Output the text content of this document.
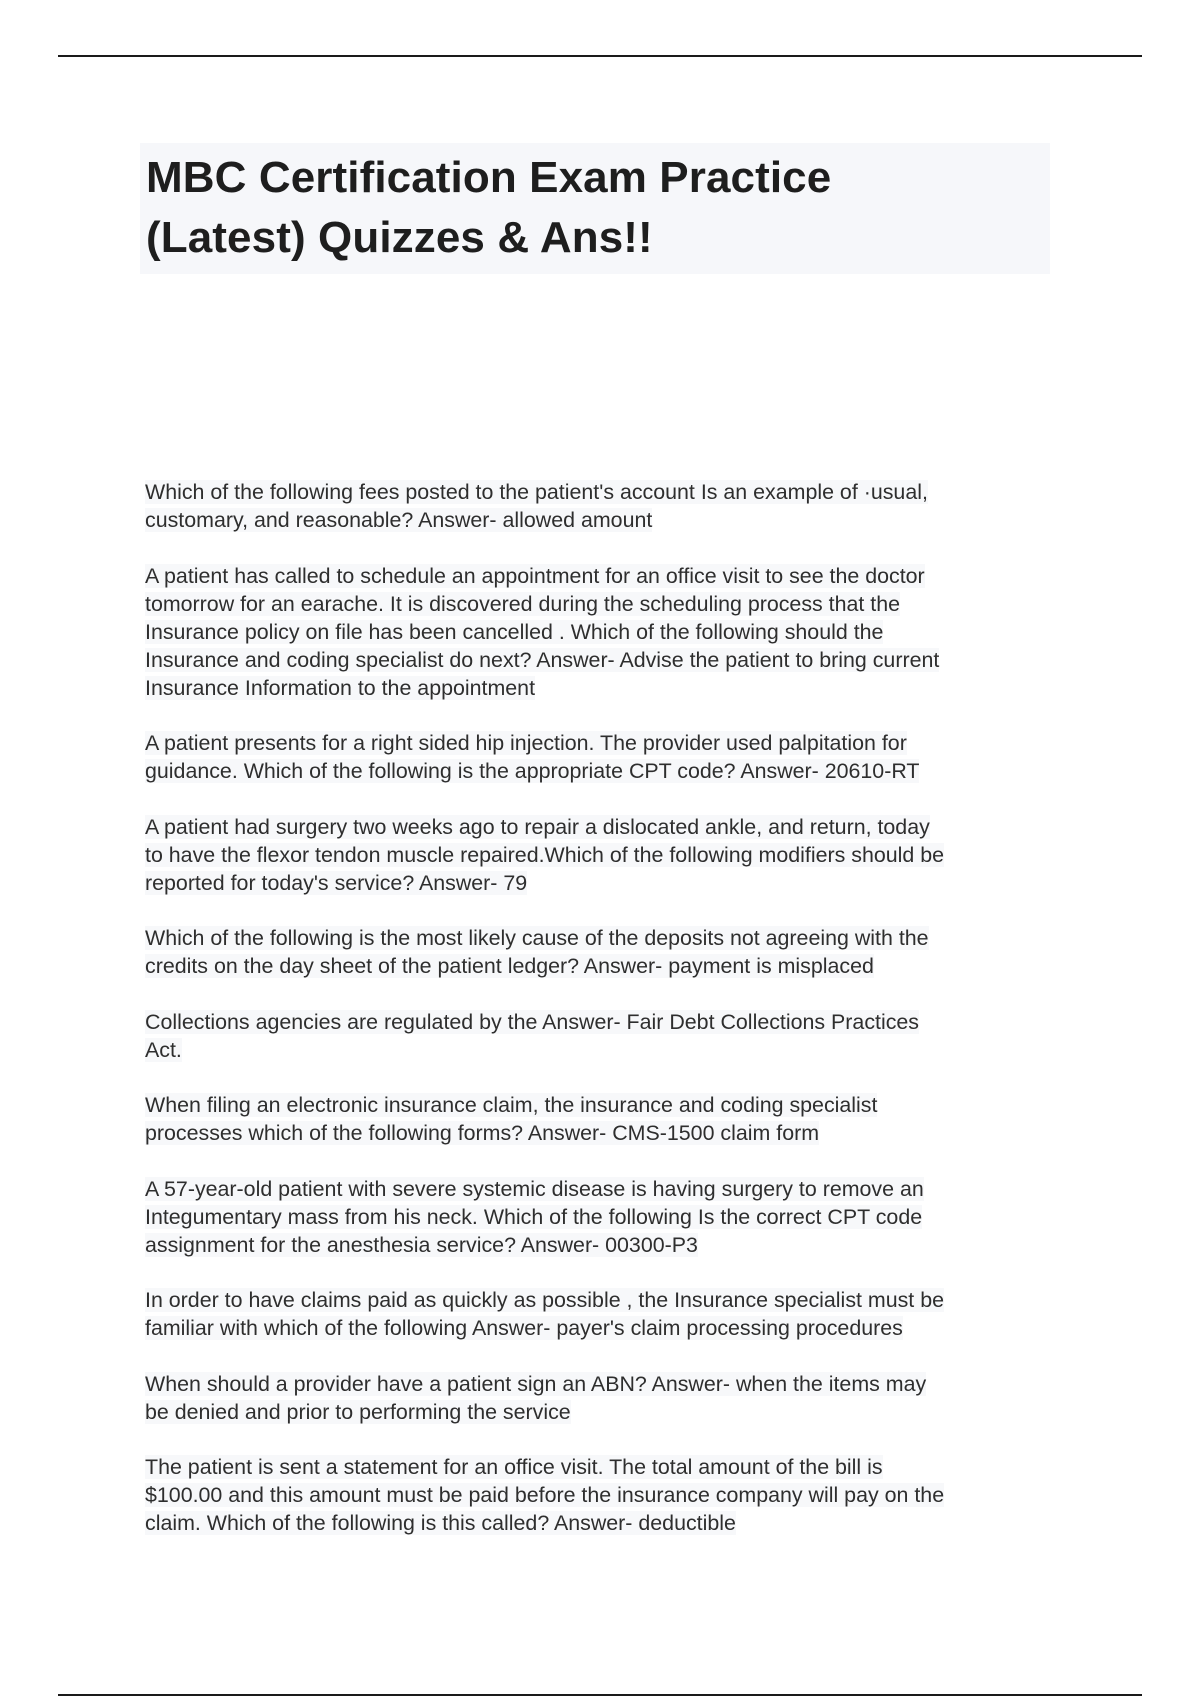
MBC Certification Exam Practice
(Latest) Quizzes & Ans!!
Which of the following fees posted to the patient's account Is an example of ·usual,
customary, and reasonable? Answer- allowed amount
A patient has called to schedule an appointment for an office visit to see the doctor
tomorrow for an earache. It is discovered during the scheduling process that the
Insurance policy on file has been cancelled . Which of the following should the
Insurance and coding specialist do next? Answer- Advise the patient to bring current
Insurance Information to the appointment
A patient presents for a right sided hip injection. The provider used palpitation for
guidance. Which of the following is the appropriate CPT code? Answer- 20610-RT
A patient had surgery two weeks ago to repair a dislocated ankle, and return, today
to have the flexor tendon muscle repaired.Which of the following modifiers should be
reported for today's service? Answer- 79
Which of the following is the most likely cause of the deposits not agreeing with the
credits on the day sheet of the patient ledger? Answer- payment is misplaced
Collections agencies are regulated by the Answer- Fair Debt Collections Practices
Act.
When filing an electronic insurance claim, the insurance and coding specialist
processes which of the following forms? Answer- CMS-1500 claim form
A 57-year-old patient with severe systemic disease is having surgery to remove an
Integumentary mass from his neck. Which of the following Is the correct CPT code
assignment for the anesthesia service? Answer- 00300-P3
In order to have claims paid as quickly as possible , the Insurance specialist must be
familiar with which of the following Answer- payer's claim processing procedures
When should a provider have a patient sign an ABN? Answer- when the items may
be denied and prior to performing the service
The patient is sent a statement for an office visit. The total amount of the bill is
$100.00 and this amount must be paid before the insurance company will pay on the
claim. Which of the following is this called? Answer- deductible
